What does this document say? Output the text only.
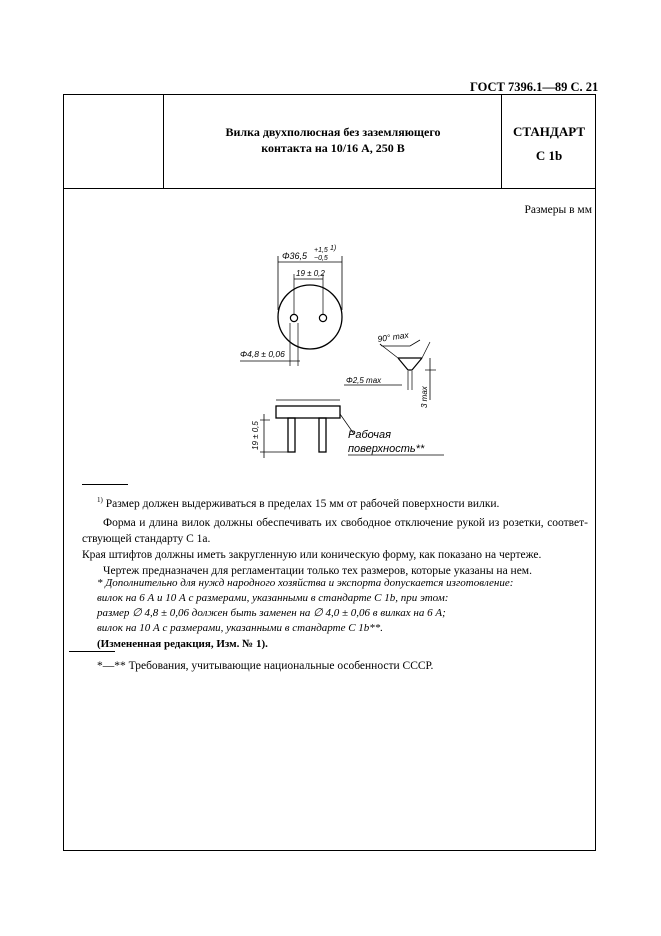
ГОСТ 7396.1—89 С. 21
Вилка двухполюсная без заземляющего
контакта на 10/16 А, 250 В
СТАНДАРТ
С 1b
Размеры в мм
Φ36,5
+1,5
−0,5
1)
19 ± 0,2
Φ4,8 ± 0,06
90° max
Φ2,5 max
3 max
19 ± 0,5	Рабочая
поверхность**
$^{1)}$ Размер должен выдерживаться в пределах 15 мм от рабочей поверхности вилки.
Форма и длина вилок должны обеспечивать их свободное отключение рукой из розетки, соответ-
ствующей стандарту С 1а.
Края штифтов должны иметь закругленную или коническую форму, как показано на чертеже.
Чертеж предназначен для регламентации только тех размеров, которые указаны на нем.
* Дополнительно для нужд народного хозяйства и экспорта допускается изготовление:
вилок на 6 А и 10 А с размерами, указанными в стандарте С 1b, при этом:
размер ∅ 4,8 ± 0,06 должен быть заменен на ∅ 4,0 ± 0,06 в вилках на 6 А;
вилок на 10 А с размерами, указанными в стандарте С 1b**.
(Измененная редакция, Изм. № 1).
*—** Требования, учитывающие национальные особенности СССР.
